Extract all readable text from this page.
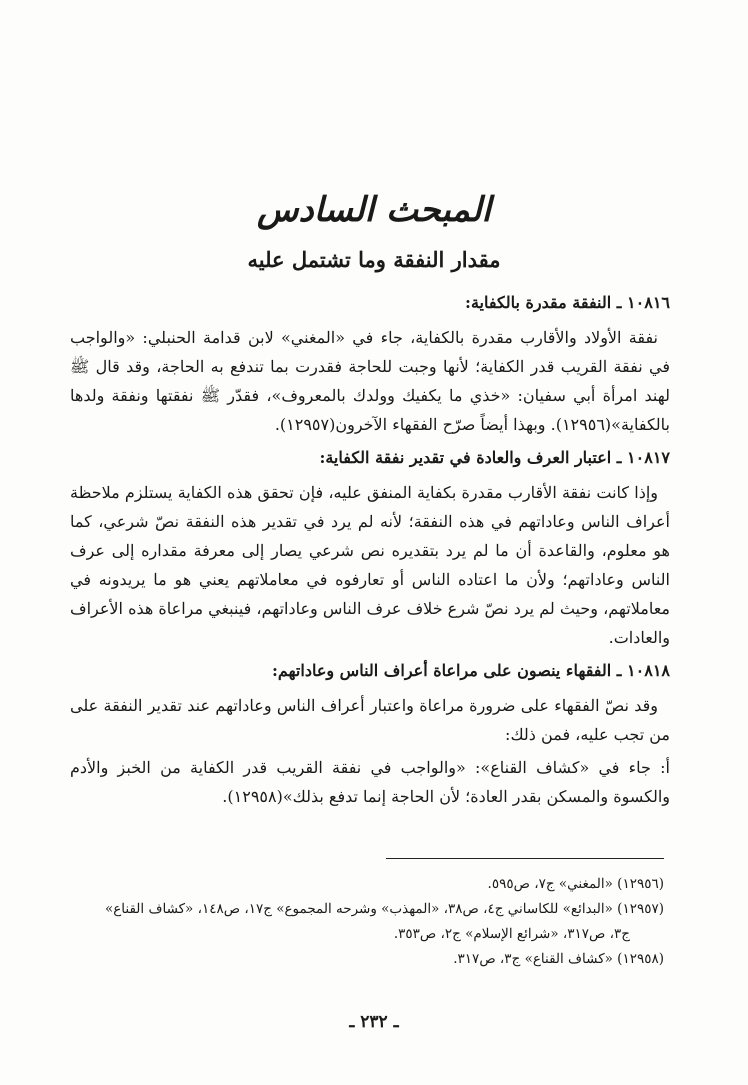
المبحث السادس
مقدار النفقة وما تشتمل عليه

١٠٨١٦ ـ النفقة مقدرة بالكفاية:

نفقة الأولاد والأقارب مقدرة بالكفاية، جاء في «المغني» لابن قدامة الحنبلي: «والواجب في نفقة القريب قدر الكفاية؛ لأنها وجبت للحاجة فقدرت بما تندفع به الحاجة، وقد قال ﷺ لهند امرأة أبي سفيان: «خذي ما يكفيك وولدك بالمعروف»، فقدّر ﷺ نفقتها ونفقة ولدها بالكفاية»(١٢٩٥٦). وبهذا أيضاً صرّح الفقهاء الآخرون(١٢٩٥٧).

١٠٨١٧ ـ اعتبار العرف والعادة في تقدير نفقة الكفاية:

وإذا كانت نفقة الأقارب مقدرة بكفاية المنفق عليه، فإن تحقق هذه الكفاية يستلزم ملاحظة أعراف الناس وعاداتهم في هذه النفقة؛ لأنه لم يرد في تقدير هذه النفقة نصّ شرعي، كما هو معلوم، والقاعدة أن ما لم يرد بتقديره نص شرعي يصار إلى معرفة مقداره إلى عرف الناس وعاداتهم؛ ولأن ما اعتاده الناس أو تعارفوه في معاملاتهم يعني هو ما يريدونه في معاملاتهم، وحيث لم يرد نصّ شرع خلاف عرف الناس وعاداتهم، فينبغي مراعاة هذه الأعراف والعادات.

١٠٨١٨ ـ الفقهاء ينصون على مراعاة أعراف الناس وعاداتهم:

وقد نصّ الفقهاء على ضرورة مراعاة واعتبار أعراف الناس وعاداتهم عند تقدير النفقة على من تجب عليه، فمن ذلك:

أ: جاء في «كشاف القناع»: «والواجب في نفقة القريب قدر الكفاية من الخبز والأدم والكسوة والمسكن بقدر العادة؛ لأن الحاجة إنما تدفع بذلك»(١٢٩٥٨).

(١٢٩٥٦) «المغني» ج٧، ص٥٩٥.

(١٢٩٥٧) «البدائع» للكاساني ج٤، ص٣٨، «المهذب» وشرحه المجموع» ج١٧، ص١٤٨، «كشاف القناع»

ج٣، ص٣١٧، «شرائع الإسلام» ج٢، ص٣٥٣.

(١٢٩٥٨) «كشاف القناع» ج٣، ص٣١٧.

ـ ٢٣٢ ـ
